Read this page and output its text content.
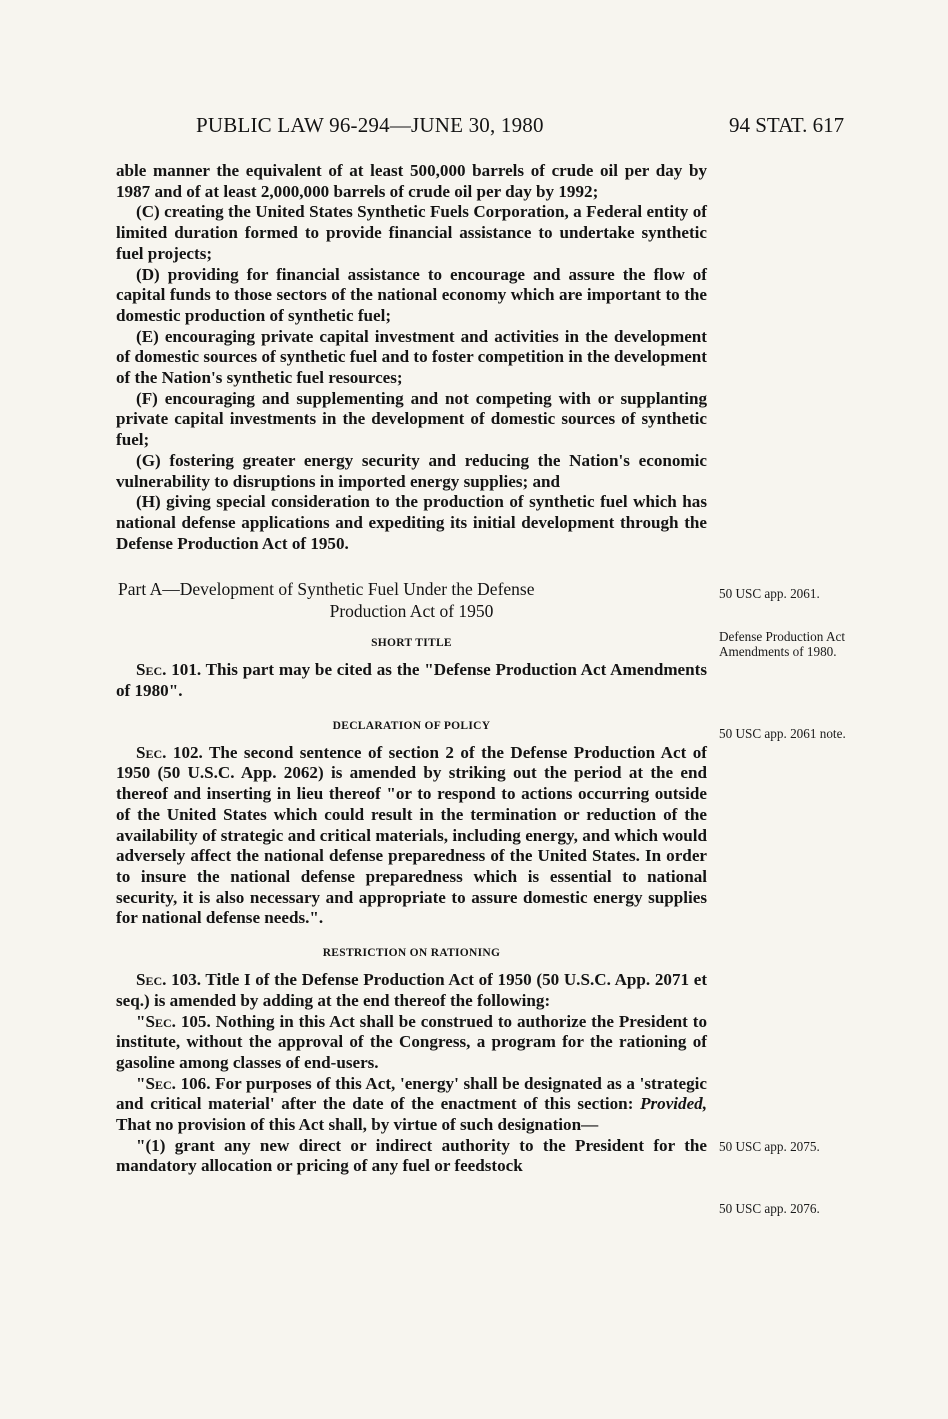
PUBLIC LAW 96-294—JUNE 30, 1980	94 STAT. 617

able manner the equivalent of at least 500,000 barrels of crude oil per day by 1987 and of at least 2,000,000 barrels of crude oil per day by 1992;

(C) creating the United States Synthetic Fuels Corporation, a Federal entity of limited duration formed to provide financial assistance to undertake synthetic fuel projects;

(D) providing for financial assistance to encourage and assure the flow of capital funds to those sectors of the national economy which are important to the domestic production of synthetic fuel;

(E) encouraging private capital investment and activities in the development of domestic sources of synthetic fuel and to foster competition in the development of the Nation's synthetic fuel resources;

(F) encouraging and supplementing and not competing with or supplanting private capital investments in the development of domestic sources of synthetic fuel;

(G) fostering greater energy security and reducing the Nation's economic vulnerability to disruptions in imported energy supplies; and

(H) giving special consideration to the production of synthetic fuel which has national defense applications and expediting its initial development through the Defense Production Act of 1950.

Part A—Development of Synthetic Fuel Under the Defense
Production Act of 1950
SHORT TITLE

Sec. 101. This part may be cited as the "Defense Production Act Amendments of 1980".

DECLARATION OF POLICY

Sec. 102. The second sentence of section 2 of the Defense Production Act of 1950 (50 U.S.C. App. 2062) is amended by striking out the period at the end thereof and inserting in lieu thereof "or to respond to actions occurring outside of the United States which could result in the termination or reduction of the availability of strategic and critical materials, including energy, and which would adversely affect the national defense preparedness of the United States. In order to insure the national defense preparedness which is essential to national security, it is also necessary and appropriate to assure domestic energy supplies for national defense needs.".

RESTRICTION ON RATIONING

Sec. 103. Title I of the Defense Production Act of 1950 (50 U.S.C. App. 2071 et seq.) is amended by adding at the end thereof the following:

"Sec. 105. Nothing in this Act shall be construed to authorize the President to institute, without the approval of the Congress, a program for the rationing of gasoline among classes of end-users.

"Sec. 106. For purposes of this Act, 'energy' shall be designated as a 'strategic and critical material' after the date of the enactment of this section: Provided, That no provision of this Act shall, by virtue of such designation—

"(1) grant any new direct or indirect authority to the President for the mandatory allocation or pricing of any fuel or feedstock

50 USC app. 2061.
Defense Production Act Amendments of 1980.
50 USC app. 2061 note.
50 USC app. 2075.
50 USC app. 2076.
